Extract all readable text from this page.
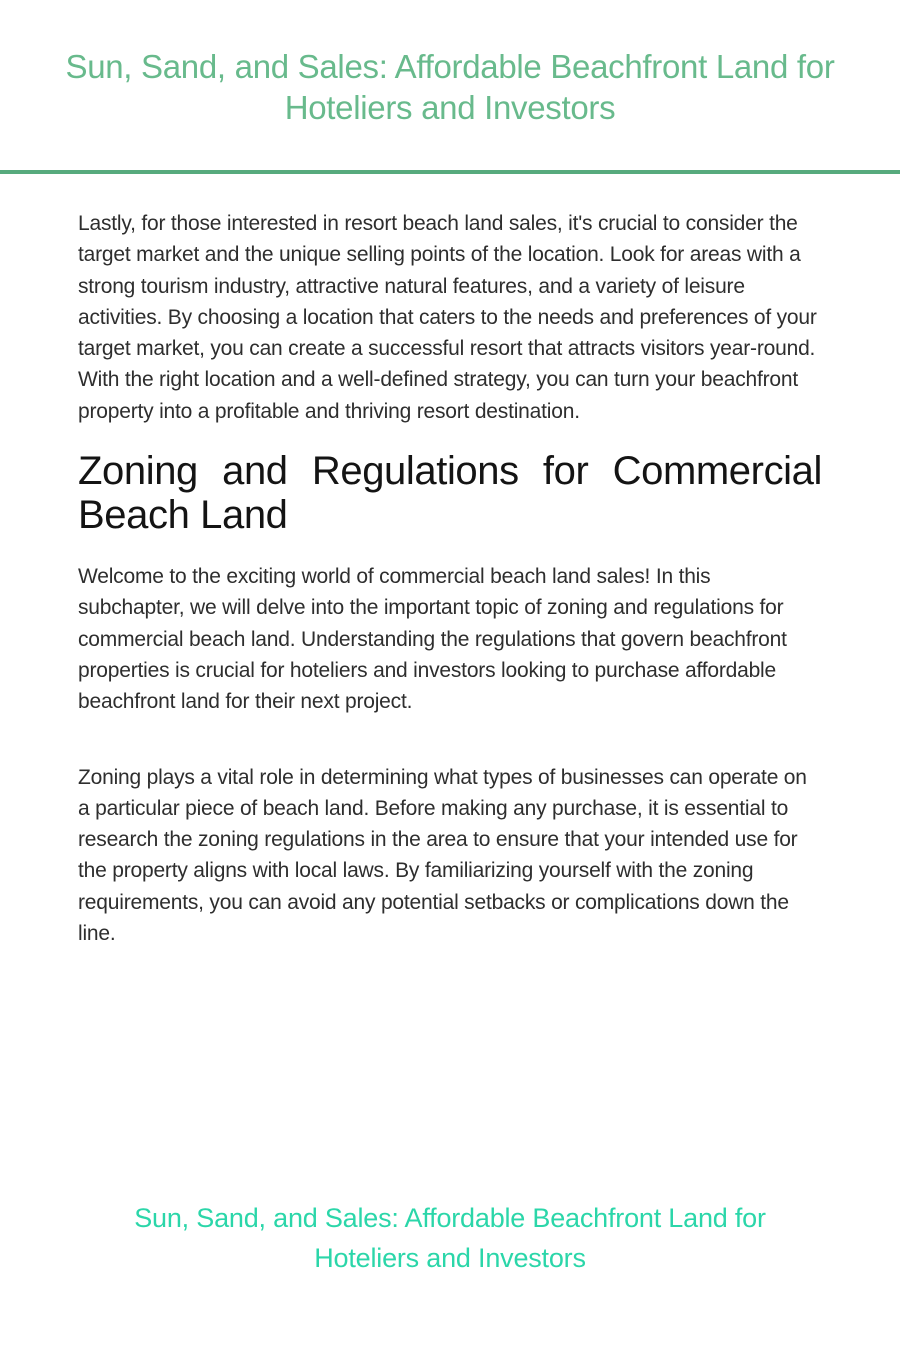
Sun, Sand, and Sales: Affordable Beachfront Land for
Hoteliers and Investors

Lastly, for those interested in resort beach land sales, it's crucial to consider the target market and the unique selling points of the location. Look for areas with a strong tourism industry, attractive natural features, and a variety of leisure activities. By choosing a location that caters to the needs and preferences of your target market, you can create a successful resort that attracts visitors year-round. With the right location and a well-defined strategy, you can turn your beachfront property into a profitable and thriving resort destination.

Zoning and Regulations for Commercial
Beach Land

Welcome to the exciting world of commercial beach land sales! In this subchapter, we will delve into the important topic of zoning and regulations for commercial beach land. Understanding the regulations that govern beachfront properties is crucial for hoteliers and investors looking to purchase affordable beachfront land for their next project.

Zoning plays a vital role in determining what types of businesses can operate on a particular piece of beach land. Before making any purchase, it is essential to research the zoning regulations in the area to ensure that your intended use for the property aligns with local laws. By familiarizing yourself with the zoning requirements, you can avoid any potential setbacks or complications down the line.

Sun, Sand, and Sales: Affordable Beachfront Land for
Hoteliers and Investors
